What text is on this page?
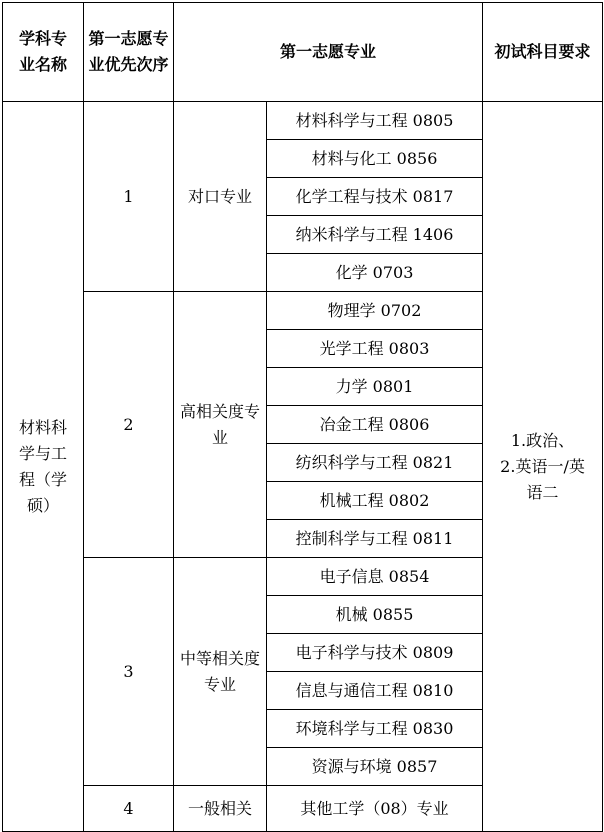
学科专业名称	第一志愿专业优先次序	第一志愿专业		初试科目要求
材料科学与工程（学硕）	1	对口专业	材料科学与工程 0805	1.政治、
2.英语一/英语二
			材料与化工 0856	
			化学工程与技术 0817	
			纳米科学与工程 1406	
			化学 0703	
	2	高相关度专业	物理学 0702	
			光学工程 0803	
			力学 0801	
			冶金工程 0806	
			纺织科学与工程 0821	
			机械工程 0802	
			控制科学与工程 0811	
	3	中等相关度专业	电子信息 0854	
			机械 0855	
			电子科学与技术 0809	
			信息与通信工程 0810	
			环境科学与工程 0830	
			资源与环境 0857	
	4	一般相关	其他工学（08）专业	
